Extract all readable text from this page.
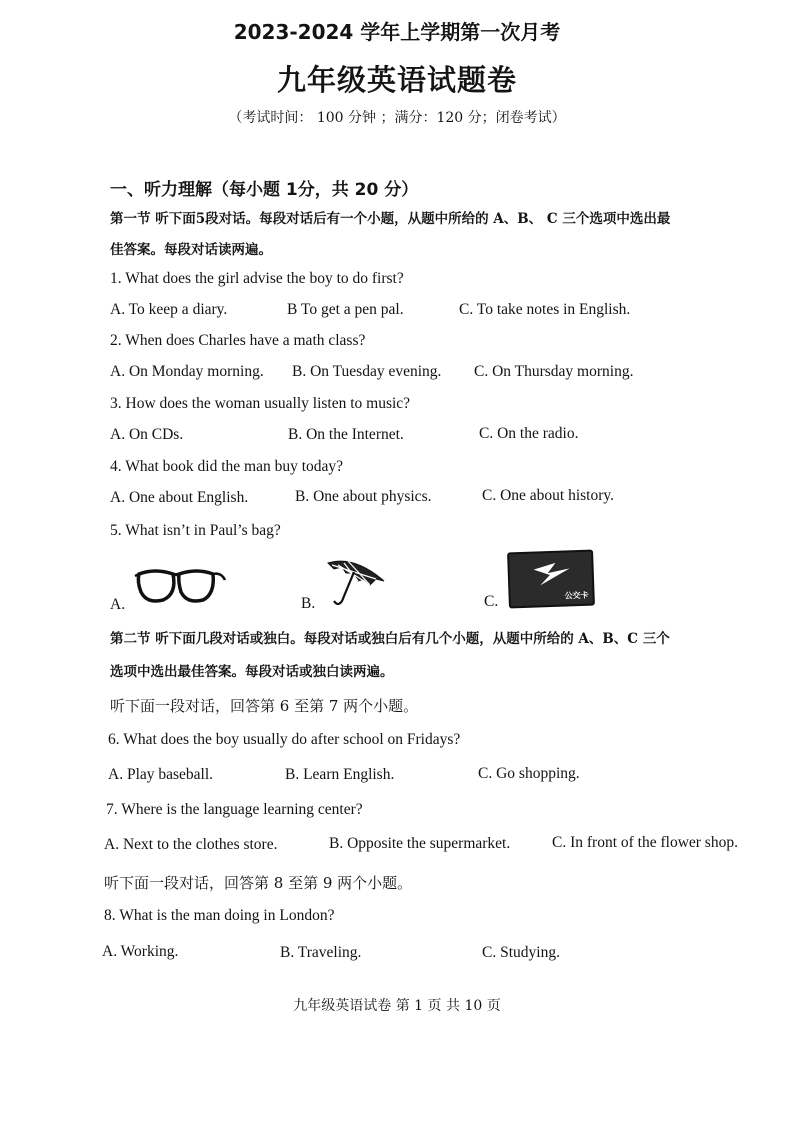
2023-2024 学年上学期第一次月考
九年级英语试题卷
（考试时间： 100 分钟 ；满分：120 分；闭卷考试）
一、听力理解（每小题 1分，共 20 分）
第一节 听下面5段对话。每段对话后有一个小题，从题中所给的 A、B、 C 三个选项中选出最
佳答案。每段对话读两遍。
1. What does the girl advise the boy to do first?
A. To keep a diary.	B To get a pen pal.	C. To take notes in English.
2. When does Charles have a math class?
A. On Monday morning. B. On Tuesday evening. C. On Thursday morning.
3. How does the woman usually listen to music?
A. On CDs.	B. On the Internet.	C. On the radio.
4. What book did the man buy today?
A. One about English.	B. One about physics.	C. One about history.
5. What isn’t in Paul’s bag?
A.	B.	C.	公交卡
第二节 听下面几段对话或独白。每段对话或独白后有几个小题，从题中所给的 A、B、C 三个
选项中选出最佳答案。每段对话或独白读两遍。
听下面一段对话，回答第 6 至第 7 两个小题。
6. What does the boy usually do after school on Fridays?
A. Play baseball.	B. Learn English.	C. Go shopping.
7. Where is the language learning center?
A. Next to the clothes store.	B. Opposite the supermarket.	C. In front of the flower shop.
听下面一段对话，回答第 8 至第 9 两个小题。
8. What is the man doing in London?
A. Working.	B. Traveling.	C. Studying.
九年级英语试卷 第 1 页 共 10 页
